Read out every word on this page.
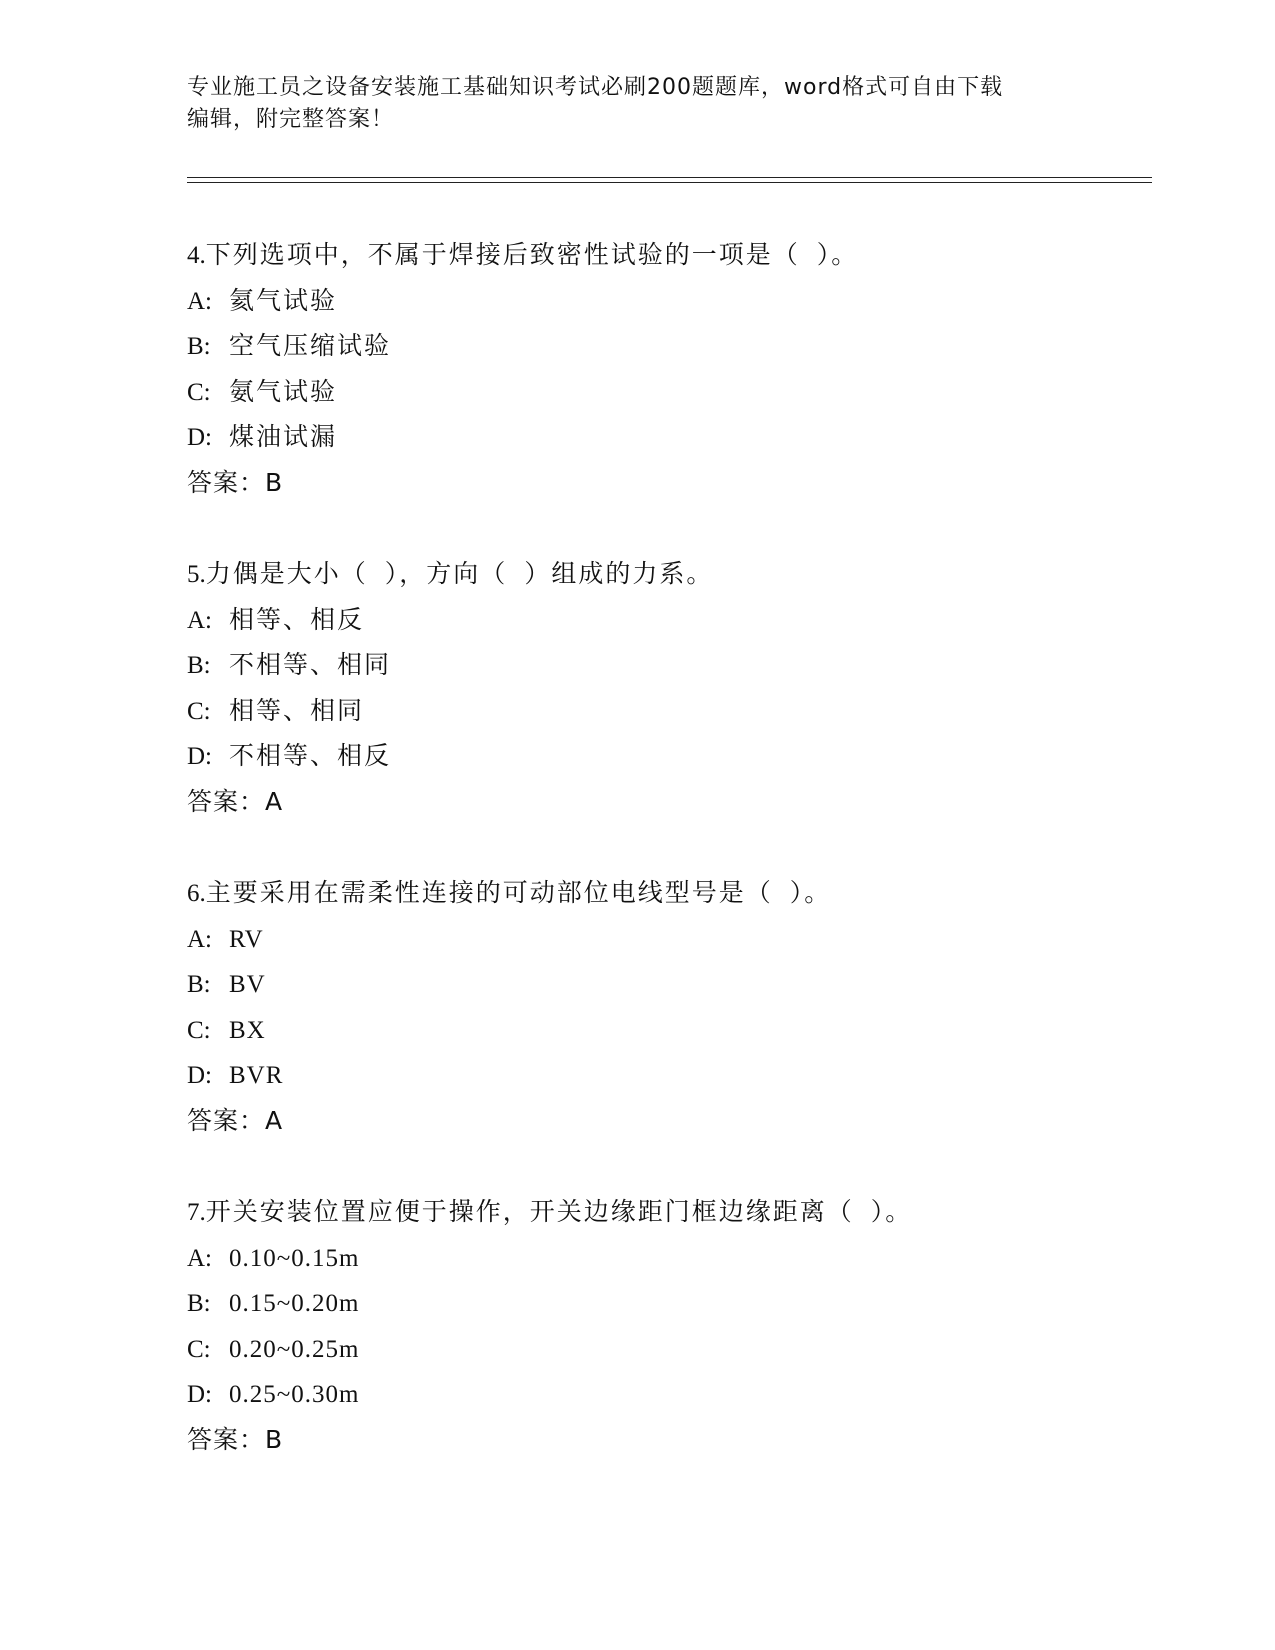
专业施工员之设备安装施工基础知识考试必刷200题题库，word格式可自由下载
编辑，附完整答案！
4.下列选项中，不属于焊接后致密性试验的一项是（ ）。
A: 氦气试验
B: 空气压缩试验
C: 氨气试验
D: 煤油试漏
答案：B
5.力偶是大小（ ），方向（ ）组成的力系。
A: 相等、相反
B: 不相等、相同
C: 相等、相同
D: 不相等、相反
答案：A
6.主要采用在需柔性连接的可动部位电线型号是（ ）。
A: RV
B: BV
C: BX
D: BVR
答案：A
7.开关安装位置应便于操作，开关边缘距门框边缘距离（ ）。
A: 0.10~0.15m
B: 0.15~0.20m
C: 0.20~0.25m
D: 0.25~0.30m
答案：B
